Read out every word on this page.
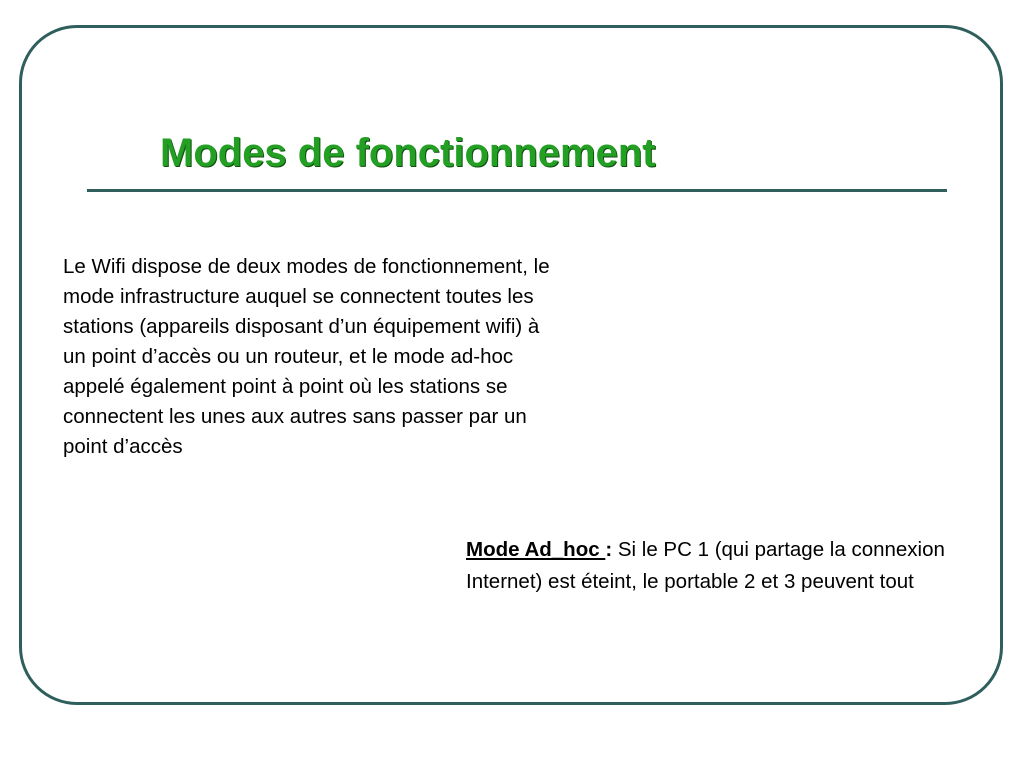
Modes de fonctionnement

Le Wifi dispose de deux modes de fonctionnement, le mode infrastructure auquel se connectent toutes les stations (appareils disposant d’un équipement wifi) à un point d’accès ou un routeur, et le mode ad-hoc appelé également point à point où les stations se connectent les unes aux autres sans passer par un point d’accès

Mode Ad_hoc : Si le PC 1 (qui partage la connexion Internet) est éteint, le portable 2 et 3 peuvent tout
